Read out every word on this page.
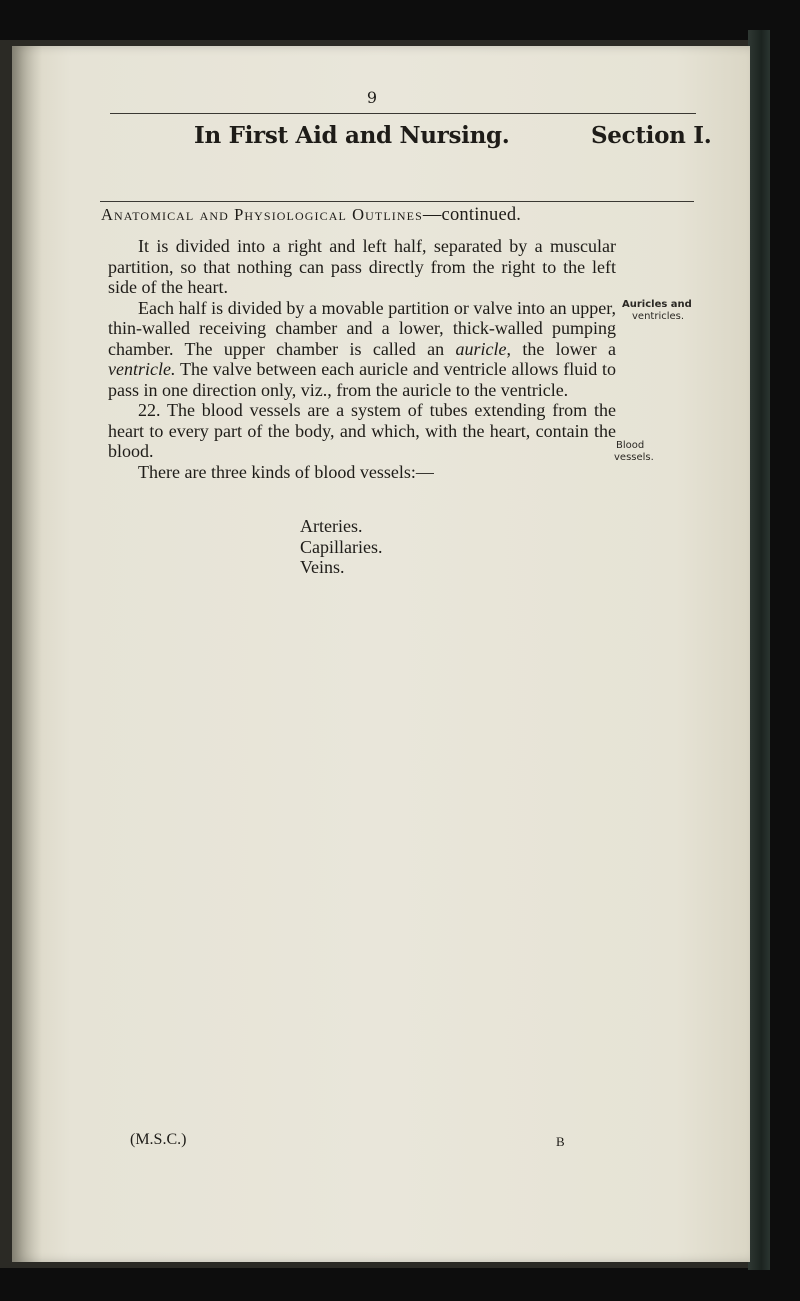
9
In First Aid and Nursing.	Section I.
Anatomical and Physiological Outlines—continued.

It is divided into a right and left half, separated by a muscular partition, so that nothing can pass directly from the right to the left side of the heart.

Each half is divided by a movable partition or valve into an upper, thin-walled receiving chamber and a lower, thick-walled pumping chamber. The upper chamber is called an auricle, the lower a ventricle. The valve between each auricle and ventricle allows fluid to pass in one direction only, viz., from the auricle to the ventricle.

22. The blood vessels are a system of tubes extending from the heart to every part of the body, and which, with the heart, contain the blood.

There are three kinds of blood vessels:—

Arteries.
Capillaries.
Veins.
Auricles and
ventricles.
Blood
vessels.
(M.S.C.)	B
